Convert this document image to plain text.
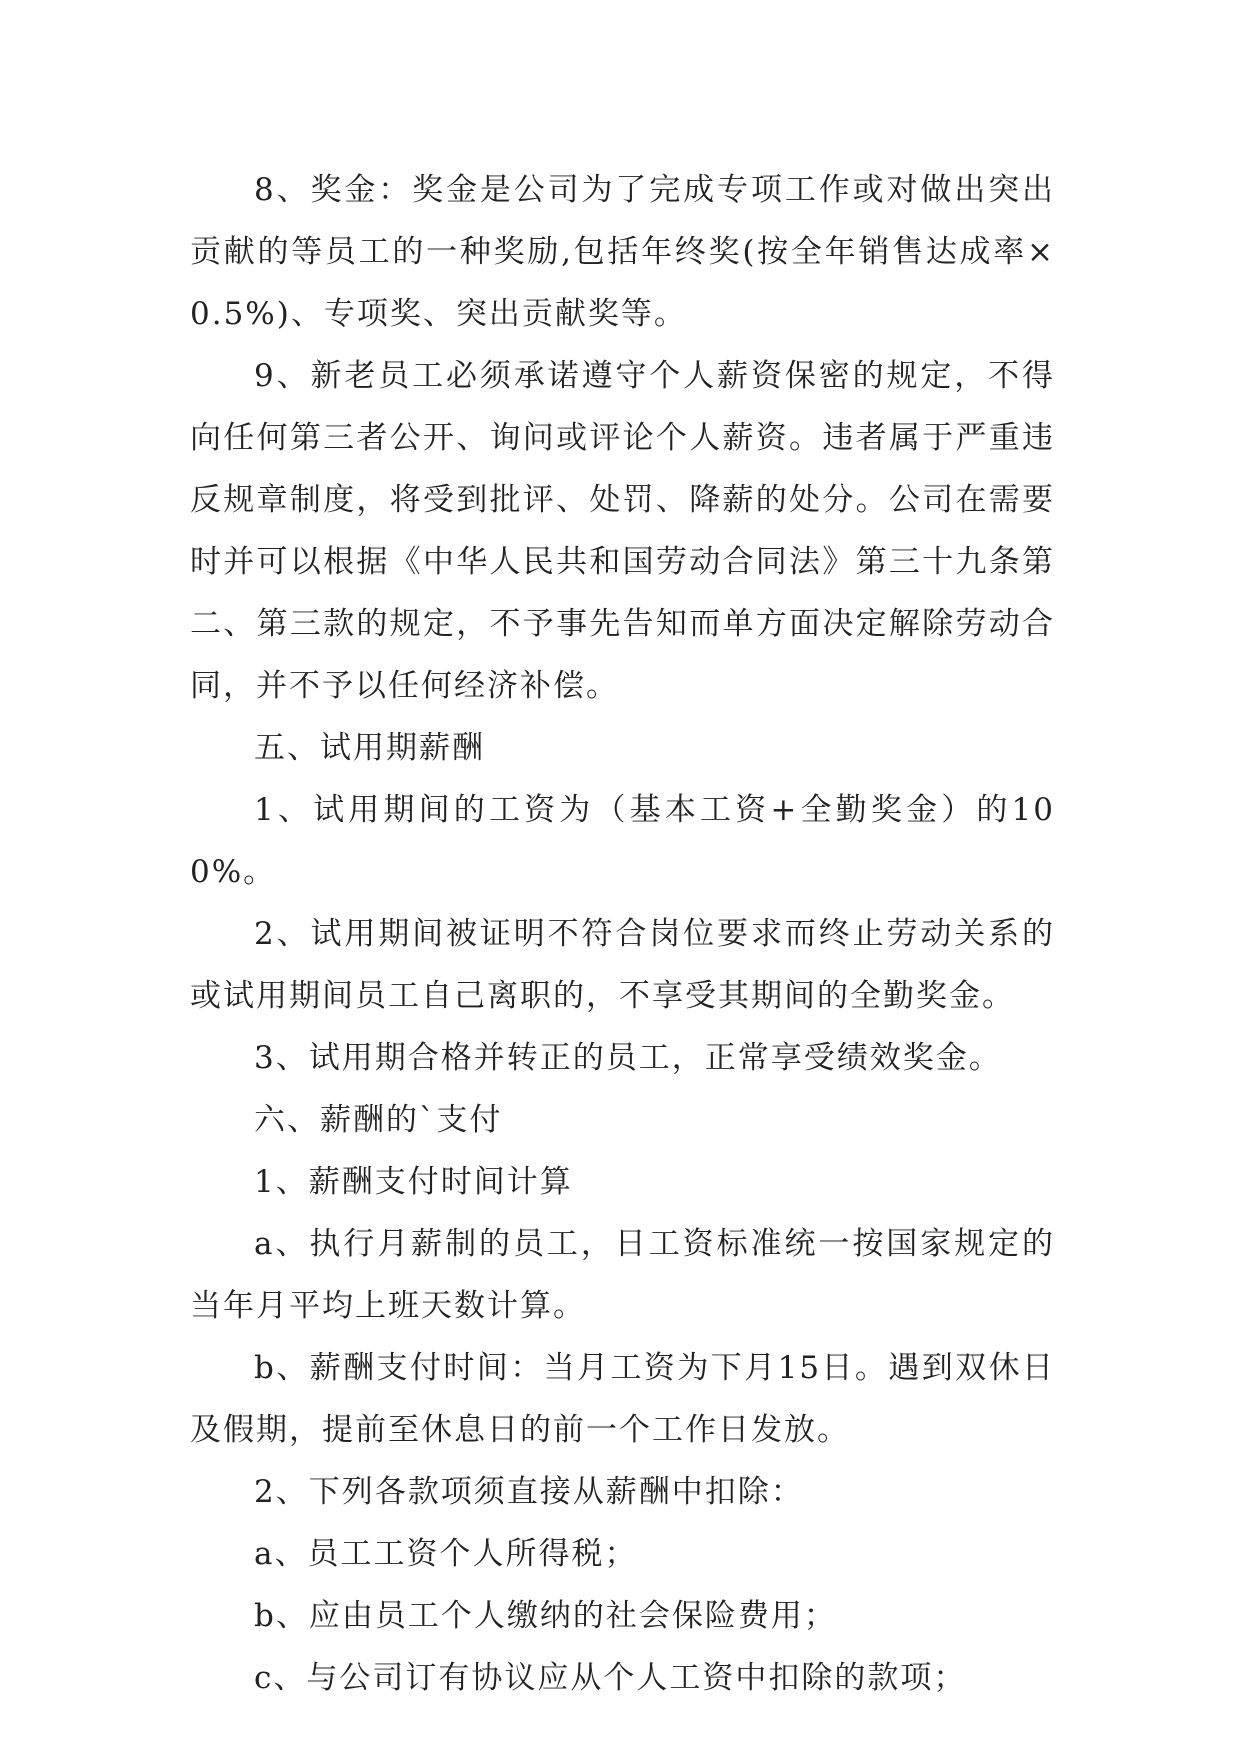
8、奖金：奖金是公司为了完成专项工作或对做出突出贡献的等员工的一种奖励,包括年终奖(按全年销售达成率×0.5%)、专项奖、突出贡献奖等。

9、新老员工必须承诺遵守个人薪资保密的规定，不得向任何第三者公开、询问或评论个人薪资。违者属于严重违反规章制度，将受到批评、处罚、降薪的处分。公司在需要时并可以根据《中华人民共和国劳动合同法》第三十九条第二、第三款的规定，不予事先告知而单方面决定解除劳动合同，并不予以任何经济补偿。

五、试用期薪酬

1、试用期间的工资为（基本工资+全勤奖金）的100%。

2、试用期间被证明不符合岗位要求而终止劳动关系的或试用期间员工自己离职的，不享受其期间的全勤奖金。

3、试用期合格并转正的员工，正常享受绩效奖金。

六、薪酬的`支付

1、薪酬支付时间计算

a、执行月薪制的员工，日工资标准统一按国家规定的当年月平均上班天数计算。

b、薪酬支付时间：当月工资为下月15日。遇到双休日及假期，提前至休息日的前一个工作日发放。

2、下列各款项须直接从薪酬中扣除：

a、员工工资个人所得税；

b、应由员工个人缴纳的社会保险费用；

c、与公司订有协议应从个人工资中扣除的款项；
